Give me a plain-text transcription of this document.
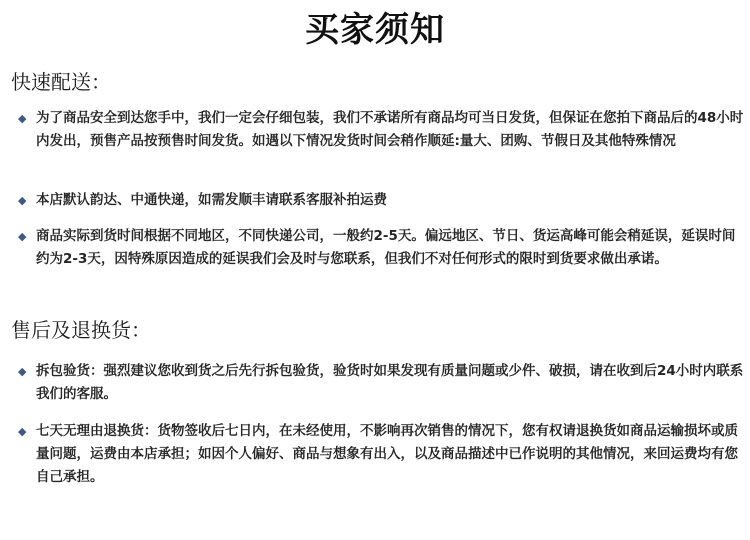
买家须知
快速配送：
◆ 为了商品安全到达您手中，我们一定会仔细包装，我们不承诺所有商品均可当日发货，但保证在您拍下商品后的48小时内发出，预售产品按预售时间发货。如遇以下情况发货时间会稍作顺延:量大、团购、节假日及其他特殊情况
◆ 本店默认韵达、中通快递，如需发顺丰请联系客服补拍运费
◆ 商品实际到货时间根据不同地区，不同快递公司，一般约2-5天。偏远地区、节日、货运高峰可能会稍延误，延误时间约为2-3天，因特殊原因造成的延误我们会及时与您联系，但我们不对任何形式的限时到货要求做出承诺。
售后及退换货：
◆ 拆包验货：强烈建议您收到货之后先行拆包验货，验货时如果发现有质量问题或少件、破损，请在收到后24小时内联系我们的客服。
◆ 七天无理由退换货：货物签收后七日内，在未经使用，不影响再次销售的情况下，您有权请退换货如商品运输损坏或质量问题，运费由本店承担；如因个人偏好、商品与想象有出入，以及商品描述中已作说明的其他情况，来回运费均有您自己承担。
